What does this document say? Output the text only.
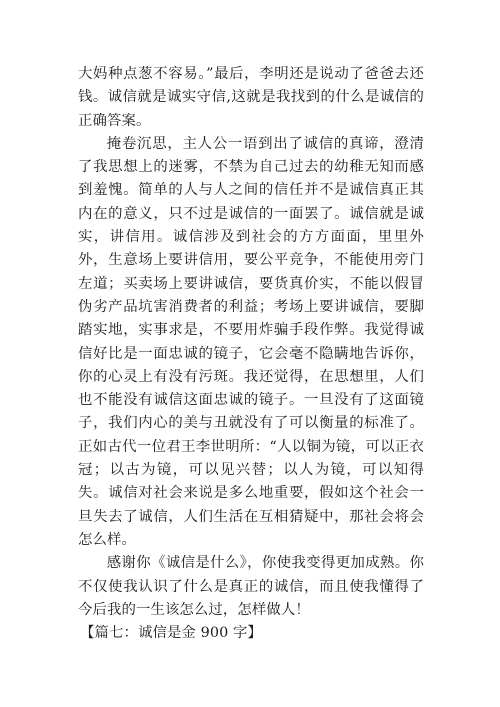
大妈种点葱不容易。”最后，李明还是说动了爸爸去还钱。诚信就是诚实守信,这就是我找到的什么是诚信的正确答案。

掩卷沉思，主人公一语到出了诚信的真谛，澄清了我思想上的迷雾，不禁为自己过去的幼稚无知而感到羞愧。简单的人与人之间的信任并不是诚信真正其内在的意义，只不过是诚信的一面罢了。诚信就是诚实，讲信用。诚信涉及到社会的方方面面，里里外外，生意场上要讲信用，要公平竞争，不能使用旁门左道；买卖场上要讲诚信，要货真价实，不能以假冒伪劣产品坑害消费者的利益；考场上要讲诚信，要脚踏实地，实事求是，不要用炸骗手段作弊。我觉得诚信好比是一面忠诚的镜子，它会毫不隐瞒地告诉你，你的心灵上有没有污斑。我还觉得，在思想里，人们也不能没有诚信这面忠诚的镜子。一旦没有了这面镜子，我们内心的美与丑就没有了可以衡量的标准了。正如古代一位君王李世明所：“人以铜为镜，可以正衣冠；以古为镜，可以见兴替；以人为镜，可以知得失。诚信对社会来说是多么地重要，假如这个社会一旦失去了诚信，人们生活在互相猜疑中，那社会将会怎么样。

感谢你《诚信是什么》，你使我变得更加成熟。你不仅使我认识了什么是真正的诚信，而且使我懂得了今后我的一生该怎么过，怎样做人！

【篇七：诚信是金 900 字】
